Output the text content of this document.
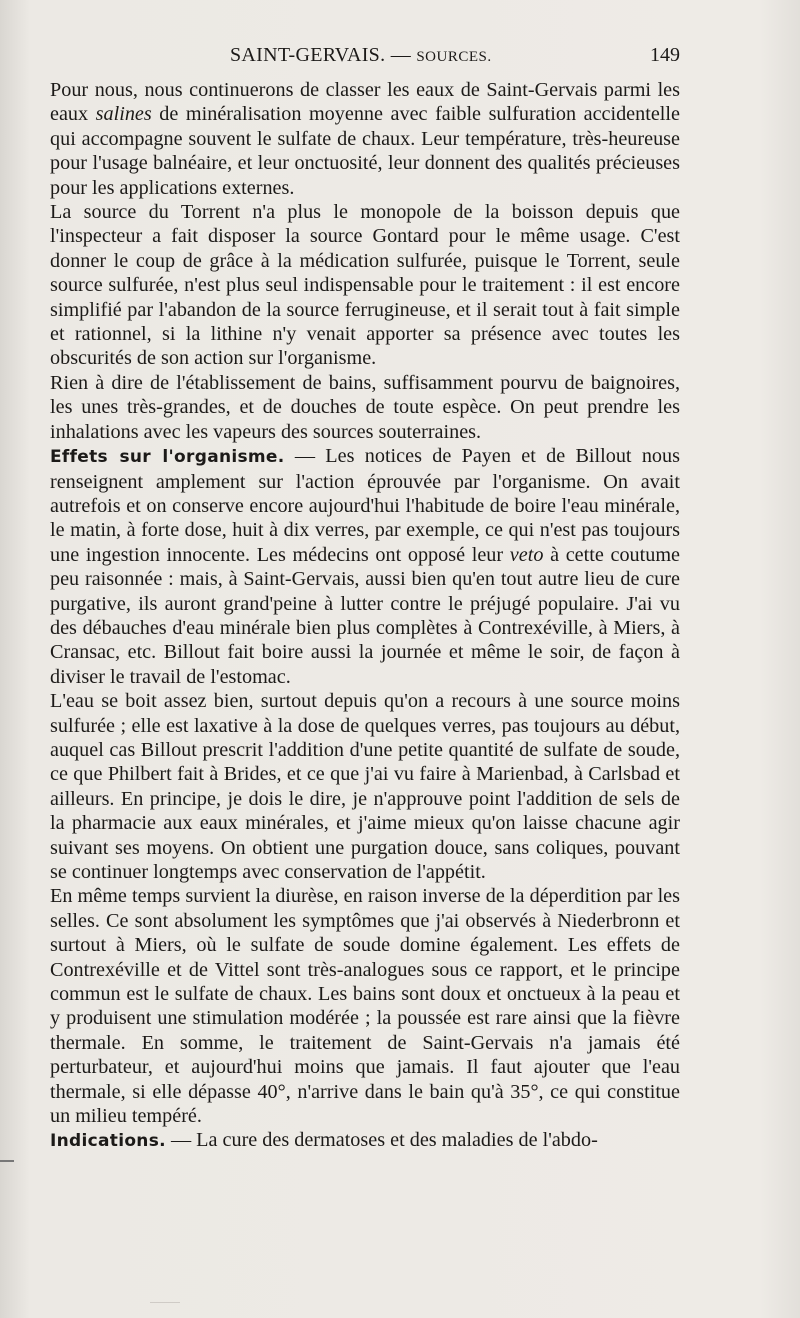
SAINT-GERVAIS. — SOURCES.	149

Pour nous, nous continuerons de classer les eaux de Saint-Gervais parmi les eaux salines de minéralisation moyenne avec faible sulfuration accidentelle qui accompagne souvent le sulfate de chaux. Leur température, très-heureuse pour l'usage balnéaire, et leur onctuosité, leur donnent des qualités précieuses pour les applications externes.

La source du Torrent n'a plus le monopole de la boisson depuis que l'inspecteur a fait disposer la source Gontard pour le même usage. C'est donner le coup de grâce à la médication sulfurée, puisque le Torrent, seule source sulfurée, n'est plus seul indispensable pour le traitement : il est encore simplifié par l'abandon de la source ferrugineuse, et il serait tout à fait simple et rationnel, si la lithine n'y venait apporter sa présence avec toutes les obscurités de son action sur l'organisme.

Rien à dire de l'établissement de bains, suffisamment pourvu de baignoires, les unes très-grandes, et de douches de toute espèce. On peut prendre les inhalations avec les vapeurs des sources souterraines.

Effets sur l'organisme. — Les notices de Payen et de Billout nous renseignent amplement sur l'action éprouvée par l'organisme. On avait autrefois et on conserve encore aujourd'hui l'habitude de boire l'eau minérale, le matin, à forte dose, huit à dix verres, par exemple, ce qui n'est pas toujours une ingestion innocente. Les médecins ont opposé leur veto à cette coutume peu raisonnée : mais, à Saint-Gervais, aussi bien qu'en tout autre lieu de cure purgative, ils auront grand'peine à lutter contre le préjugé populaire. J'ai vu des débauches d'eau minérale bien plus complètes à Contrexéville, à Miers, à Cransac, etc. Billout fait boire aussi la journée et même le soir, de façon à diviser le travail de l'estomac.

L'eau se boit assez bien, surtout depuis qu'on a recours à une source moins sulfurée ; elle est laxative à la dose de quelques verres, pas toujours au début, auquel cas Billout prescrit l'addition d'une petite quantité de sulfate de soude, ce que Philbert fait à Brides, et ce que j'ai vu faire à Marienbad, à Carlsbad et ailleurs. En principe, je dois le dire, je n'approuve point l'addition de sels de la pharmacie aux eaux minérales, et j'aime mieux qu'on laisse chacune agir suivant ses moyens. On obtient une purgation douce, sans coliques, pouvant se continuer longtemps avec conservation de l'appétit.

En même temps survient la diurèse, en raison inverse de la déperdition par les selles. Ce sont absolument les symptômes que j'ai observés à Niederbronn et surtout à Miers, où le sulfate de soude domine également. Les effets de Contrexéville et de Vittel sont très-analogues sous ce rapport, et le principe commun est le sulfate de chaux. Les bains sont doux et onctueux à la peau et y produisent une stimulation modérée ; la poussée est rare ainsi que la fièvre thermale. En somme, le traitement de Saint-Gervais n'a jamais été perturbateur, et aujourd'hui moins que jamais. Il faut ajouter que l'eau thermale, si elle dépasse 40°, n'arrive dans le bain qu'à 35°, ce qui constitue un milieu tempéré.

Indications. — La cure des dermatoses et des maladies de l'abdo-
